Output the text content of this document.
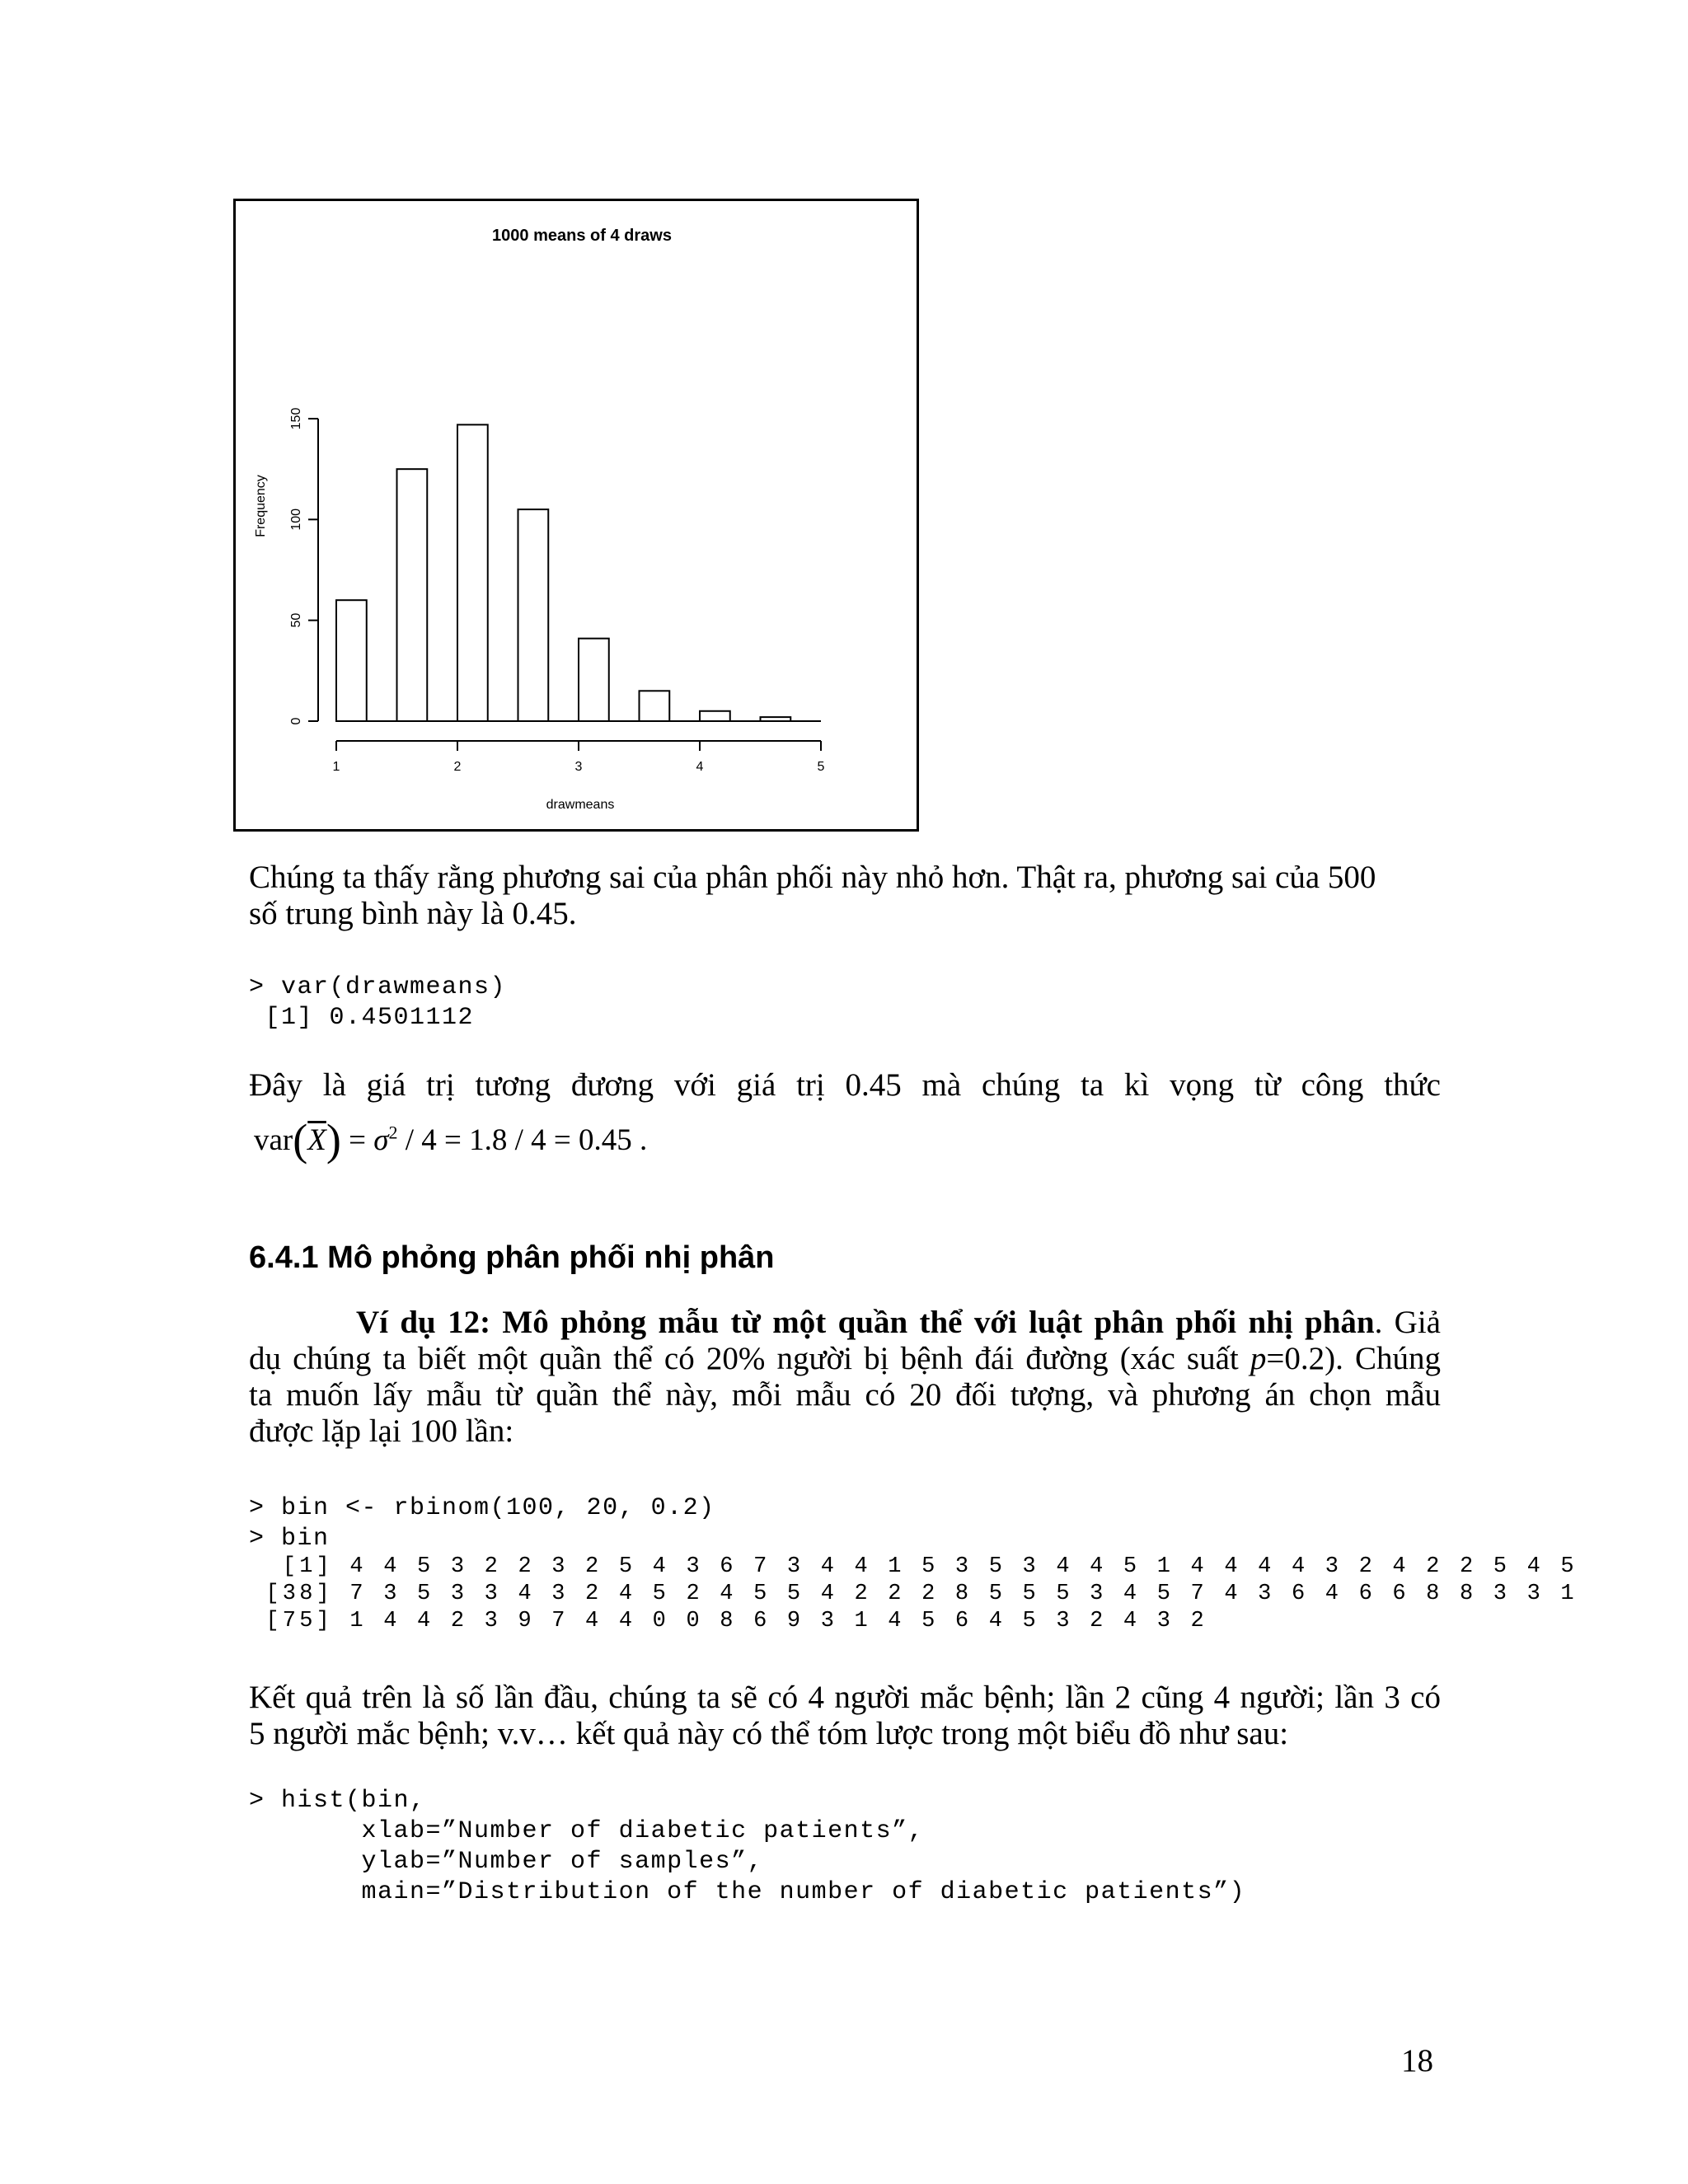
1000 means of 4 draws
Frequency
drawmeans
0
50
100
150
1	2	3	4	5

Chúng ta thấy rằng phương sai của phân phối này nhỏ hơn. Thật ra, phương sai của 500
số trung bình này là 0.45.

> var(drawmeans)
[1] 0.4501112

Đây là giá trị tương đương với giá trị 0.45 mà chúng ta kì vọng từ công thức

$var(\overline{X}) = \sigma^2 / 4 = 1.8 / 4 = 0.45$ .
6.4.1 Mô phỏng phân phối nhị phân

Ví dụ 12: Mô phỏng mẫu từ một quần thể với luật phân phối nhị phân. Giả
dụ chúng ta biết một quần thể có 20% người bị bệnh đái đường (xác suất p=0.2). Chúng
ta muốn lấy mẫu từ quần thể này, mỗi mẫu có 20 đối tượng, và phương án chọn mẫu
được lặp lại 100 lần:

> bin <- rbinom(100, 20, 0.2)
> bin
[1] 4 4 5 3 2 2 3 2 5 4 3 6 7 3 4 4 1 5 3 5 3 4 4 5 1 4 4 4 4 3 2 4 2 2 5 4 5
[38] 7 3 5 3 3 4 3 2 4 5 2 4 5 5 4 2 2 2 8 5 5 5 3 4 5 7 4 3 6 4 6 6 8 8 3 3 1
[75] 1 4 4 2 3 9 7 4 4 0 0 8 6 9 3 1 4 5 6 4 5 3 2 4 3 2

Kết quả trên là số lần đầu, chúng ta sẽ có 4 người mắc bệnh; lần 2 cũng 4 người; lần 3 có
5 người mắc bệnh; v.v… kết quả này có thể tóm lược trong một biểu đồ như sau:

> hist(bin,
xlab=”Number of diabetic patients”,
ylab=”Number of samples”,
main=”Distribution of the number of diabetic patients”)
18
